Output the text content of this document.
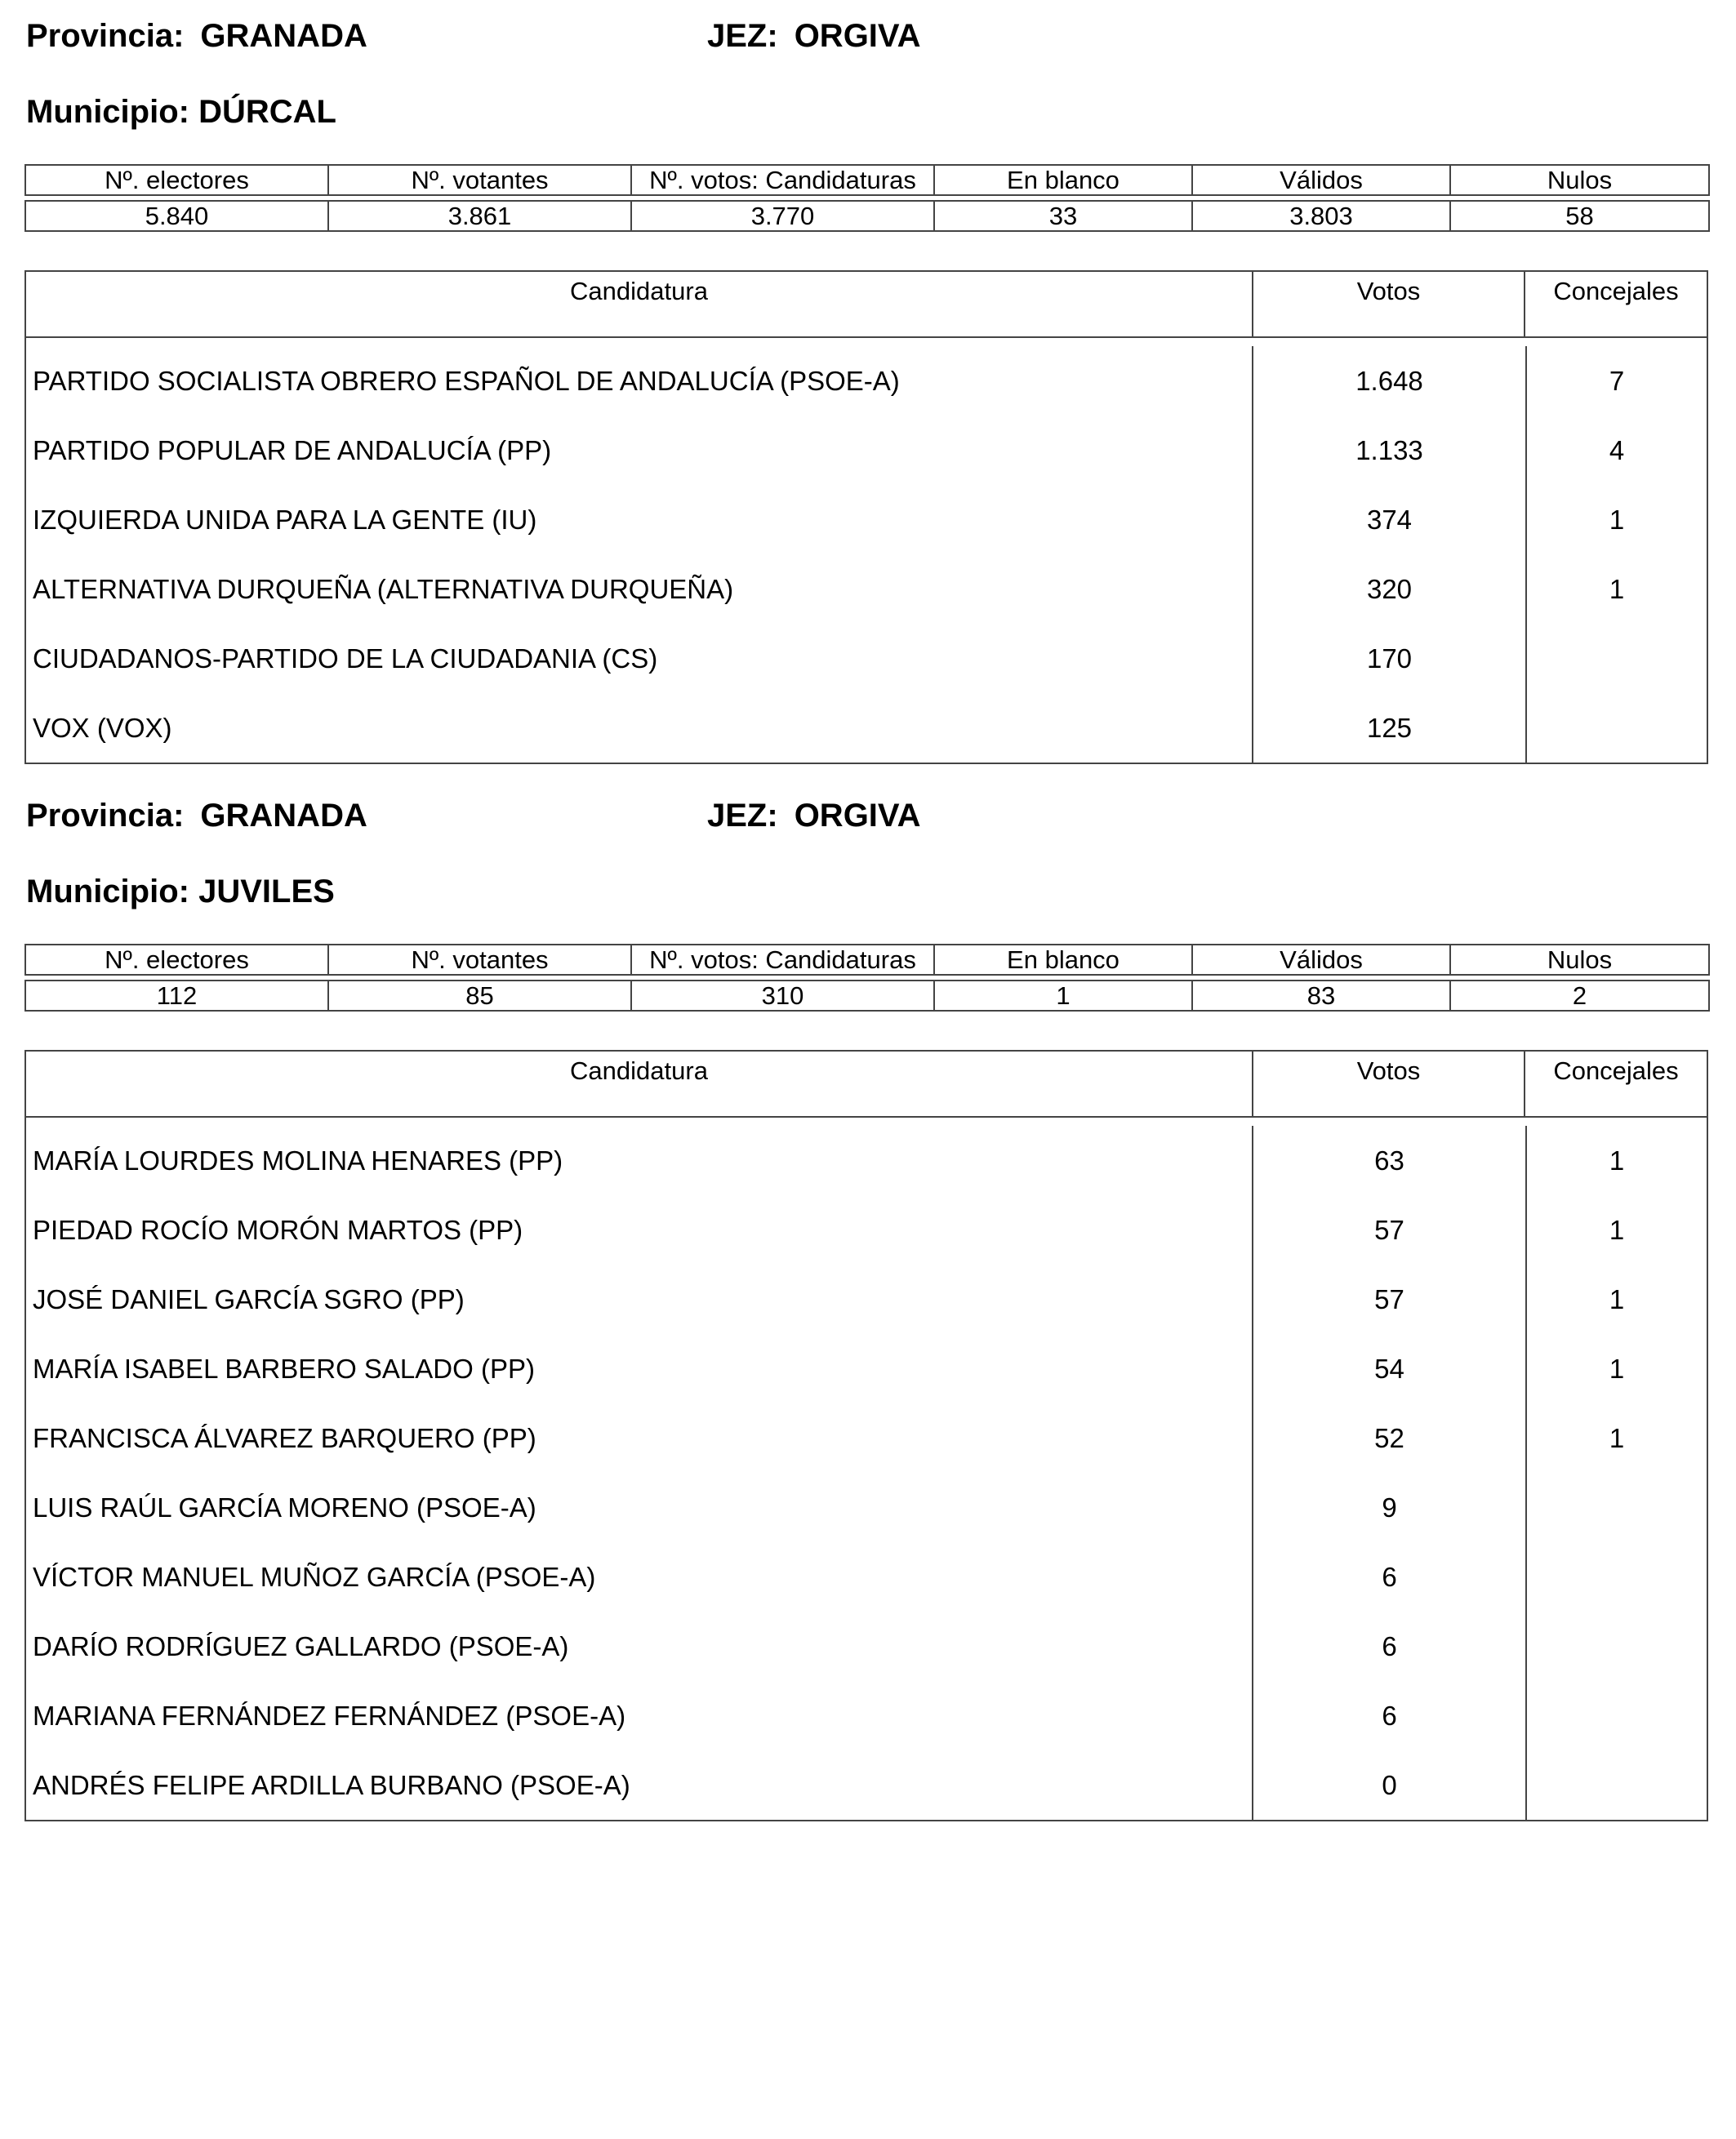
Provincia: GRANADA	JEZ: ORGIVA
Municipio: DÚRCAL
Nº. electores	Nº. votantes	Nº. votos: Candidaturas	En blanco	Válidos	Nulos

5.840	3.861	3.770	33	3.803	58
Candidatura	Votos	Concejales
PARTIDO SOCIALISTA OBRERO ESPAÑOL DE ANDALUCÍA (PSOE-A)	1.648	7
PARTIDO POPULAR DE ANDALUCÍA (PP)	1.133	4
IZQUIERDA UNIDA PARA LA GENTE (IU)	374	1
ALTERNATIVA DURQUEÑA (ALTERNATIVA DURQUEÑA)	320	1
CIUDADANOS-PARTIDO DE LA CIUDADANIA (CS)	170
VOX (VOX)	125
Provincia: GRANADA	JEZ: ORGIVA
Municipio: JUVILES
Nº. electores	Nº. votantes	Nº. votos: Candidaturas	En blanco	Válidos	Nulos

112	85	310	1	83	2
Candidatura	Votos	Concejales
MARÍA LOURDES MOLINA HENARES (PP)	63	1
PIEDAD ROCÍO MORÓN MARTOS (PP)	57	1
JOSÉ DANIEL GARCÍA SGRO (PP)	57	1
MARÍA ISABEL BARBERO SALADO (PP)	54	1
FRANCISCA ÁLVAREZ BARQUERO (PP)	52	1
LUIS RAÚL GARCÍA MORENO (PSOE-A)	9
VÍCTOR MANUEL MUÑOZ GARCÍA (PSOE-A)	6
DARÍO RODRÍGUEZ GALLARDO (PSOE-A)	6
MARIANA FERNÁNDEZ FERNÁNDEZ (PSOE-A)	6
ANDRÉS FELIPE ARDILLA BURBANO (PSOE-A)	0
